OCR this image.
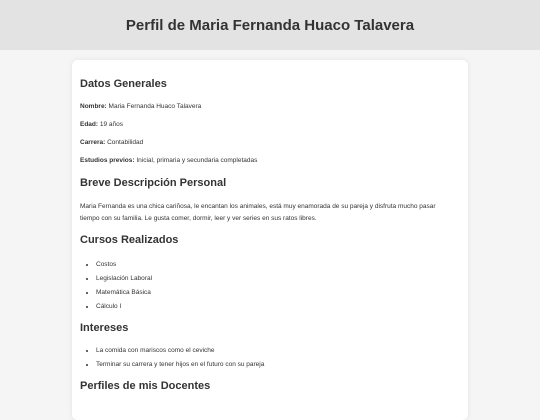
Perfil de Maria Fernanda Huaco Talavera
Datos Generales

Nombre: Maria Fernanda Huaco Talavera

Edad: 19 años

Carrera: Contabilidad

Estudios previos: Inicial, primaria y secundaria completadas

Breve Descripción Personal

Maria Fernanda es una chica cariñosa, le encantan los animales, está muy enamorada de su pareja y disfruta mucho pasar tiempo con su familia. Le gusta comer, dormir, leer y ver series en sus ratos libres.

Cursos Realizados
• Costos
• Legislación Laboral
• Matemática Básica
• Cálculo I
Intereses
• La comida con mariscos como el ceviche
• Terminar su carrera y tener hijos en el futuro con su pareja
Perfiles de mis Docentes
